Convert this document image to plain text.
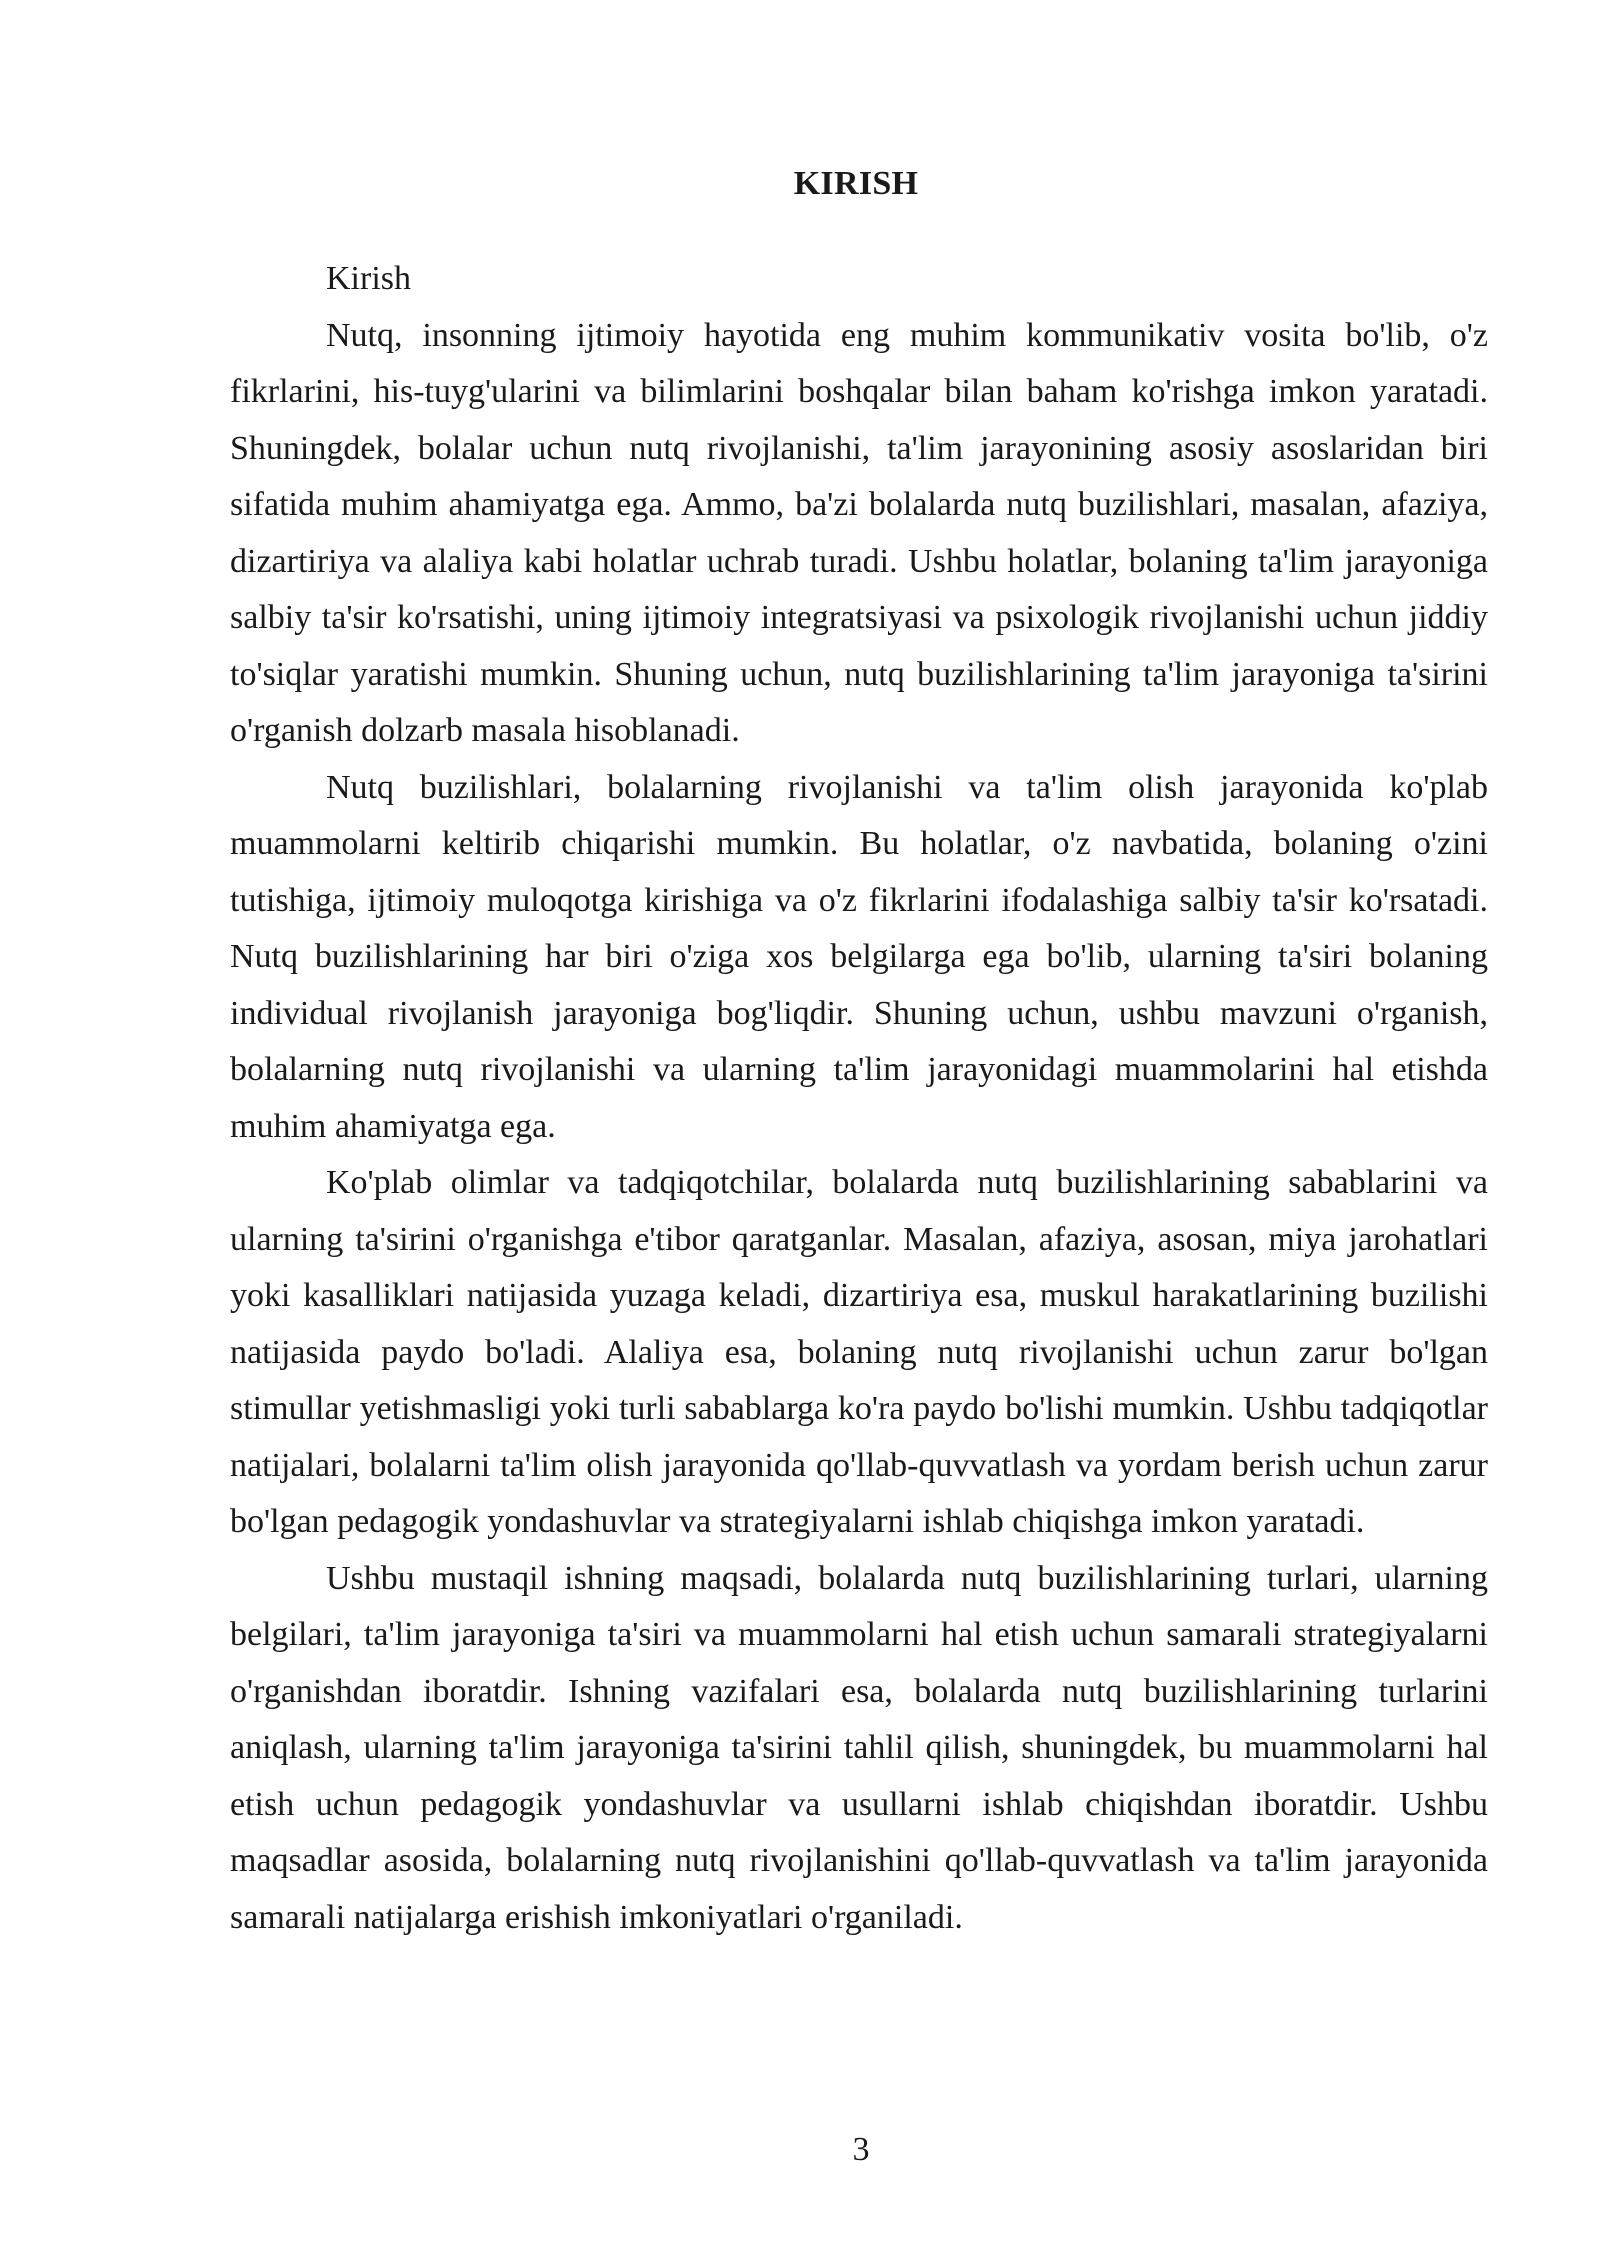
KIRISH

Kirish

Nutq, insonning ijtimoiy hayotida eng muhim kommunikativ vosita bo'lib, o'z fikrlarini, his-tuyg'ularini va bilimlarini boshqalar bilan baham ko'rishga imkon yaratadi. Shuningdek, bolalar uchun nutq rivojlanishi, ta'lim jarayonining asosiy asoslaridan biri sifatida muhim ahamiyatga ega. Ammo, ba'zi bolalarda nutq buzilishlari, masalan, afaziya, dizartiriya va alaliya kabi holatlar uchrab turadi. Ushbu holatlar, bolaning ta'lim jarayoniga salbiy ta'sir ko'rsatishi, uning ijtimoiy integratsiyasi va psixologik rivojlanishi uchun jiddiy to'siqlar yaratishi mumkin. Shuning uchun, nutq buzilishlarining ta'lim jarayoniga ta'sirini o'rganish dolzarb masala hisoblanadi.

Nutq buzilishlari, bolalarning rivojlanishi va ta'lim olish jarayonida ko'plab muammolarni keltirib chiqarishi mumkin. Bu holatlar, o'z navbatida, bolaning o'zini tutishiga, ijtimoiy muloqotga kirishiga va o'z fikrlarini ifodalashiga salbiy ta'sir ko'rsatadi. Nutq buzilishlarining har biri o'ziga xos belgilarga ega bo'lib, ularning ta'siri bolaning individual rivojlanish jarayoniga bog'liqdir. Shuning uchun, ushbu mavzuni o'rganish, bolalarning nutq rivojlanishi va ularning ta'lim jarayonidagi muammolarini hal etishda muhim ahamiyatga ega.

Ko'plab olimlar va tadqiqotchilar, bolalarda nutq buzilishlarining sabablarini va ularning ta'sirini o'rganishga e'tibor qaratganlar. Masalan, afaziya, asosan, miya jarohatlari yoki kasalliklari natijasida yuzaga keladi, dizartiriya esa, muskul harakatlarining buzilishi natijasida paydo bo'ladi. Alaliya esa, bolaning nutq rivojlanishi uchun zarur bo'lgan stimullar yetishmasligi yoki turli sabablarga ko'ra paydo bo'lishi mumkin. Ushbu tadqiqotlar natijalari, bolalarni ta'lim olish jarayonida qo'llab-quvvatlash va yordam berish uchun zarur bo'lgan pedagogik yondashuvlar va strategiyalarni ishlab chiqishga imkon yaratadi.

Ushbu mustaqil ishning maqsadi, bolalarda nutq buzilishlarining turlari, ularning belgilari, ta'lim jarayoniga ta'siri va muammolarni hal etish uchun samarali strategiyalarni o'rganishdan iboratdir. Ishning vazifalari esa, bolalarda nutq buzilishlarining turlarini aniqlash, ularning ta'lim jarayoniga ta'sirini tahlil qilish, shuningdek, bu muammolarni hal etish uchun pedagogik yondashuvlar va usullarni ishlab chiqishdan iboratdir. Ushbu maqsadlar asosida, bolalarning nutq rivojlanishini qo'llab-quvvatlash va ta'lim jarayonida samarali natijalarga erishish imkoniyatlari o'rganiladi.

3
